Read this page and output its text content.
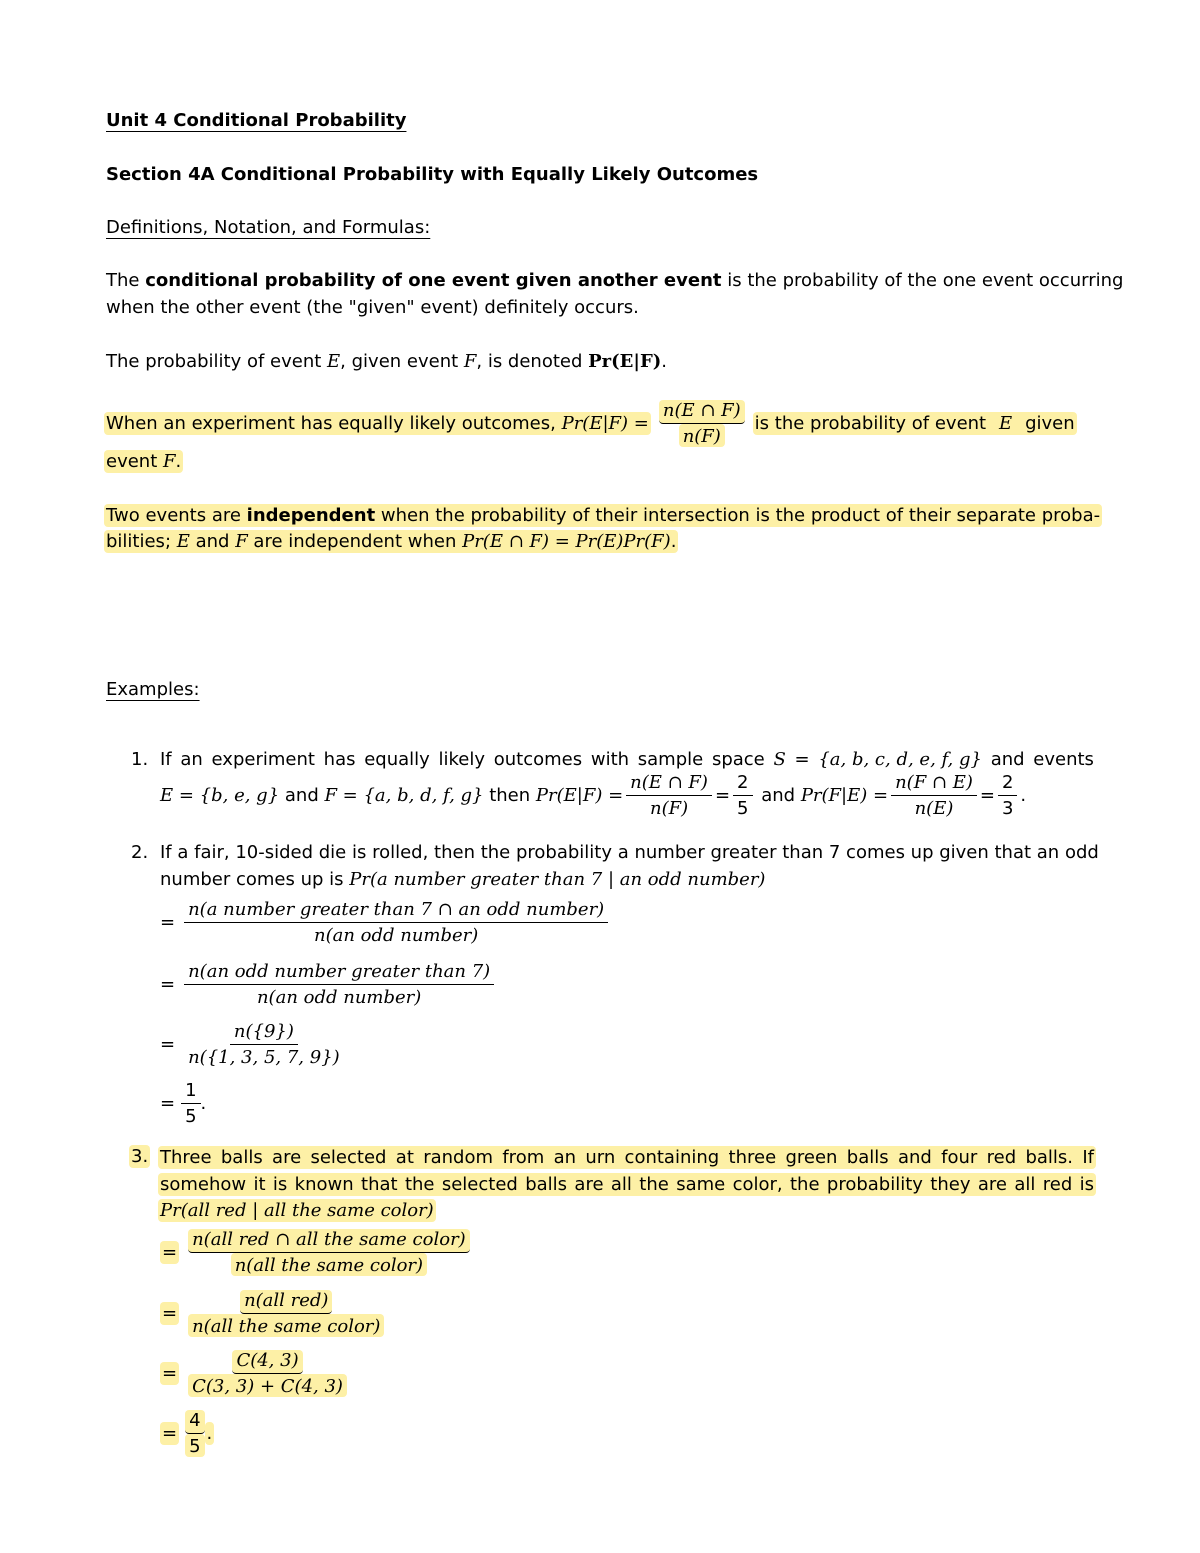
Unit 4 Conditional Probability
Section 4A Conditional Probability with Equally Likely Outcomes
Definitions, Notation, and Formulas:
The conditional probability of one event given another event is the probability of the one event occurring
when the other event (the "given" event) definitely occurs.
The probability of event E, given event F, is denoted Pr(E|F).
When an experiment has equally likely outcomes, $Pr(E|F) = \frac{n(E \cap F)}{n(F)}$ is the probability of event E given
event F.
Two events are independent when the probability of their intersection is the product of their separate proba-
bilities; E and F are independent when Pr(E ∩ F) = Pr(E)Pr(F).
Examples:
1. If an experiment has equally likely outcomes with sample space S = {a, b, c, d, e, f, g} and events
E = {b, e, g} and F = {a, b, d, f, g} then $Pr(E|F) = \frac{n(E \cap F)}{n(F)} = \frac{2}{5}$ and $Pr(F|E) = \frac{n(F \cap E)}{n(E)} = \frac{2}{3}$ .
2. If a fair, 10-sided die is rolled, then the probability a number greater than 7 comes up given that an odd
number comes up is Pr(a number greater than 7 | an odd number)
= $\frac{\text{n(a number greater than 7 ∩ an odd number)}}{\text{n(an odd number)}}$
= $\frac{\text{n(an odd number greater than 7)}}{\text{n(an odd number)}}$
= $\frac{n(\{9\})}{n(\{1, 3, 5, 7, 9\})}$
= $\frac{1}{5}$ .
3. Three balls are selected at random from an urn containing three green balls and four red balls. If
somehow it is known that the selected balls are all the same color, the probability they are all red is
Pr(all red | all the same color)
= $\frac{\text{n(all red ∩ all the same color)}}{\text{n(all the same color)}}$
= $\frac{\text{n(all red)}}{\text{n(all the same color)}}$
= $\frac{C(4, 3)}{C(3, 3) + C(4, 3)}$
= $\frac{4}{5}$ .
